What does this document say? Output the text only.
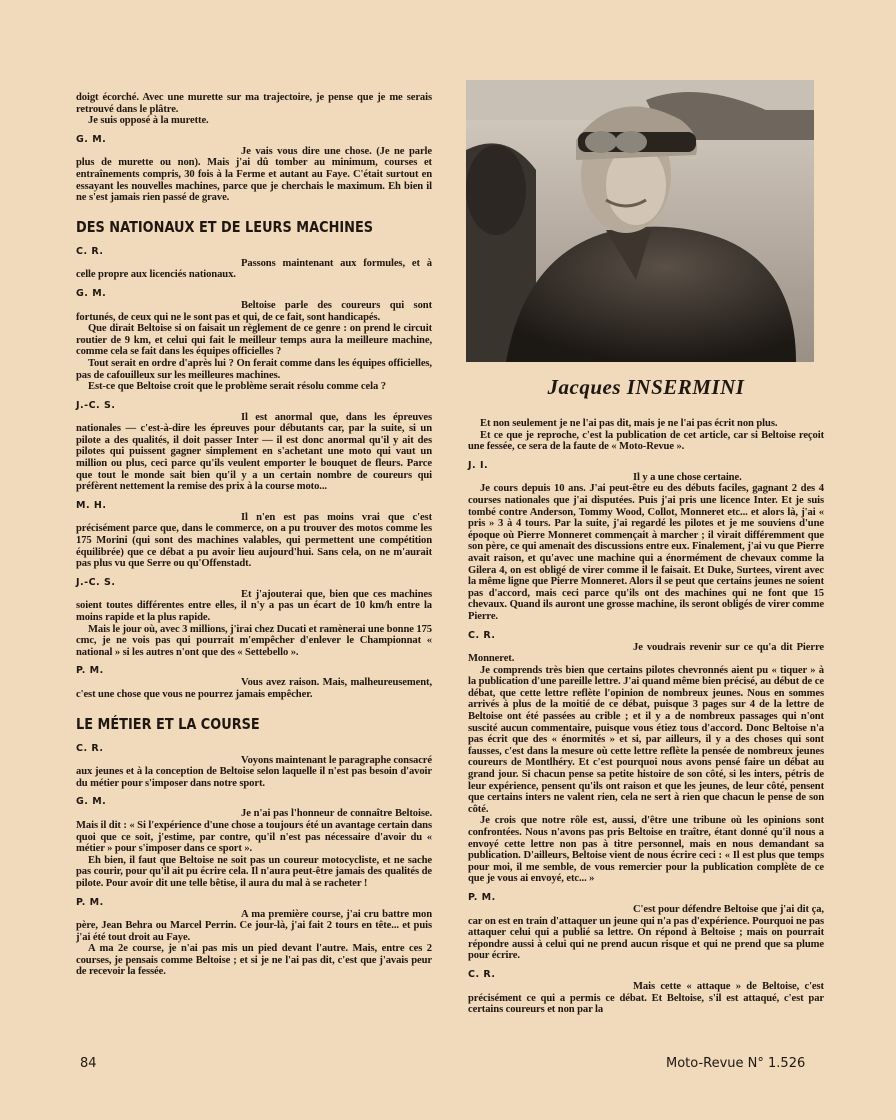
doigt écorché. Avec une murette sur ma trajectoire, je pense que je me serais retrouvé dans le plâtre.

Je suis opposé à la murette.

G. M.

Je vais vous dire une chose. (Je ne parle plus de murette ou non). Mais j'ai dû tomber au minimum, courses et entraînements compris, 30 fois à la Ferme et autant au Faye. C'était surtout en essayant les nouvelles machines, parce que je cherchais le maximum. Eh bien il ne s'est jamais rien passé de grave.

DES NATIONAUX ET DE LEURS MACHINES
C. R.

Passons maintenant aux formules, et à celle propre aux licenciés nationaux.

G. M.

Beltoise parle des coureurs qui sont fortunés, de ceux qui ne le sont pas et qui, de ce fait, sont handicapés.

Que dirait Beltoise si on faisait un règlement de ce genre : on prend le circuit routier de 9 km, et celui qui fait le meilleur temps aura la meilleure machine, comme cela se fait dans les équipes officielles ?

Tout serait en ordre d'après lui ? On ferait comme dans les équipes officielles, pas de cafouilleux sur les meilleures machines.

Est-ce que Beltoise croit que le problème serait résolu comme cela ?

J.-C. S.

Il est anormal que, dans les épreuves nationales — c'est-à-dire les épreuves pour débutants car, par la suite, si un pilote a des qualités, il doit passer Inter — il est donc anormal qu'il y ait des pilotes qui puissent gagner simplement en s'achetant une moto qui vaut un million ou plus, ceci parce qu'ils veulent emporter le bouquet de fleurs. Parce que tout le monde sait bien qu'il y a un certain nombre de coureurs qui préfèrent nettement la remise des prix à la course moto...

M. H.

Il n'en est pas moins vrai que c'est précisément parce que, dans le commerce, on a pu trouver des motos comme les 175 Morini (qui sont des machines valables, qui permettent une compétition équilibrée) que ce débat a pu avoir lieu aujourd'hui. Sans cela, on ne m'aurait pas plus vu que Serre ou qu'Offenstadt.

J.-C. S.

Et j'ajouterai que, bien que ces machines soient toutes différentes entre elles, il n'y a pas un écart de 10 km/h entre la moins rapide et la plus rapide.

Mais le jour où, avec 3 millions, j'irai chez Ducati et ramènerai une bonne 175 cmc, je ne vois pas qui pourrait m'empêcher d'enlever le Championnat « national » si les autres n'ont que des « Settebello ».

P. M.

Vous avez raison. Mais, malheureusement, c'est une chose que vous ne pourrez jamais empêcher.

LE MÉTIER ET LA COURSE
C. R.

Voyons maintenant le paragraphe consacré aux jeunes et à la conception de Beltoise selon laquelle il n'est pas besoin d'avoir du métier pour s'imposer dans notre sport.

G. M.

Je n'ai pas l'honneur de connaître Beltoise. Mais il dit : « Si l'expérience d'une chose a toujours été un avantage certain dans quoi que ce soit, j'estime, par contre, qu'il n'est pas nécessaire d'avoir du « métier » pour s'imposer dans ce sport ».

Eh bien, il faut que Beltoise ne soit pas un coureur motocycliste, et ne sache pas courir, pour qu'il ait pu écrire cela. Il n'aura peut-être jamais des qualités de pilote. Pour avoir dit une telle bêtise, il aura du mal à se racheter !

P. M.

A ma première course, j'ai cru battre mon père, Jean Behra ou Marcel Perrin. Ce jour-là, j'ai fait 2 tours en tête... et puis j'ai été tout droit au Faye.

A ma 2e course, je n'ai pas mis un pied devant l'autre. Mais, entre ces 2 courses, je pensais comme Beltoise ; et si je ne l'ai pas dit, c'est que j'avais peur de recevoir la fessée.

Jacques INSERMINI

Et non seulement je ne l'ai pas dit, mais je ne l'ai pas écrit non plus.

Et ce que je reproche, c'est la publication de cet article, car si Beltoise reçoit une fessée, ce sera de la faute de « Moto-Revue ».

J. I.

Il y a une chose certaine.

Je cours depuis 10 ans. J'ai peut-être eu des débuts faciles, gagnant 2 des 4 courses nationales que j'ai disputées. Puis j'ai pris une licence Inter. Et je suis tombé contre Anderson, Tommy Wood, Collot, Monneret etc... et alors là, j'ai « pris » 3 à 4 tours. Par la suite, j'ai regardé les pilotes et je me souviens d'une époque où Pierre Monneret commençait à marcher ; il virait différemment que son père, ce qui amenait des discussions entre eux. Finalement, j'ai vu que Pierre avait raison, et qu'avec une machine qui a énormément de chevaux comme la Gilera 4, on est obligé de virer comme il le faisait. Et Duke, Surtees, virent avec la même ligne que Pierre Monneret. Alors il se peut que certains jeunes ne soient pas d'accord, mais ceci parce qu'ils ont des machines qui ne font que 15 chevaux. Quand ils auront une grosse machine, ils seront obligés de virer comme Pierre.

C. R.

Je voudrais revenir sur ce qu'a dit Pierre Monneret.

Je comprends très bien que certains pilotes chevronnés aient pu « tiquer » à la publication d'une pareille lettre. J'ai quand même bien précisé, au début de ce débat, que cette lettre reflète l'opinion de nombreux jeunes. Nous en sommes arrivés à plus de la moitié de ce débat, puisque 3 pages sur 4 de la lettre de Beltoise ont été passées au crible ; et il y a de nombreux passages qui n'ont suscité aucun commentaire, puisque vous étiez tous d'accord. Donc Beltoise n'a pas écrit que des « énormités » et si, par ailleurs, il y a des choses qui sont fausses, c'est dans la mesure où cette lettre reflète la pensée de nombreux jeunes coureurs de Montlhéry. Et c'est pourquoi nous avons pensé faire un débat au grand jour. Si chacun pense sa petite histoire de son côté, si les inters, pétris de leur expérience, pensent qu'ils ont raison et que les jeunes, de leur côté, pensent que certains inters ne valent rien, cela ne sert à rien que chacun le pense de son côté.

Je crois que notre rôle est, aussi, d'être une tribune où les opinions sont confrontées. Nous n'avons pas pris Beltoise en traître, étant donné qu'il nous a envoyé cette lettre non pas à titre personnel, mais en nous demandant sa publication. D'ailleurs, Beltoise vient de nous écrire ceci : « Il est plus que temps pour moi, il me semble, de vous remercier pour la publication complète de ce que je vous ai envoyé, etc... »

P. M.

C'est pour défendre Beltoise que j'ai dit ça, car on est en train d'attaquer un jeune qui n'a pas d'expérience. Pourquoi ne pas attaquer celui qui a publié sa lettre. On répond à Beltoise ; mais on pourrait répondre aussi à celui qui ne prend aucun risque et qui ne prend que sa plume pour écrire.

C. R.

Mais cette « attaque » de Beltoise, c'est précisément ce qui a permis ce débat. Et Beltoise, s'il est attaqué, c'est par certains coureurs et non par la

84	Moto-Revue N° 1.526
